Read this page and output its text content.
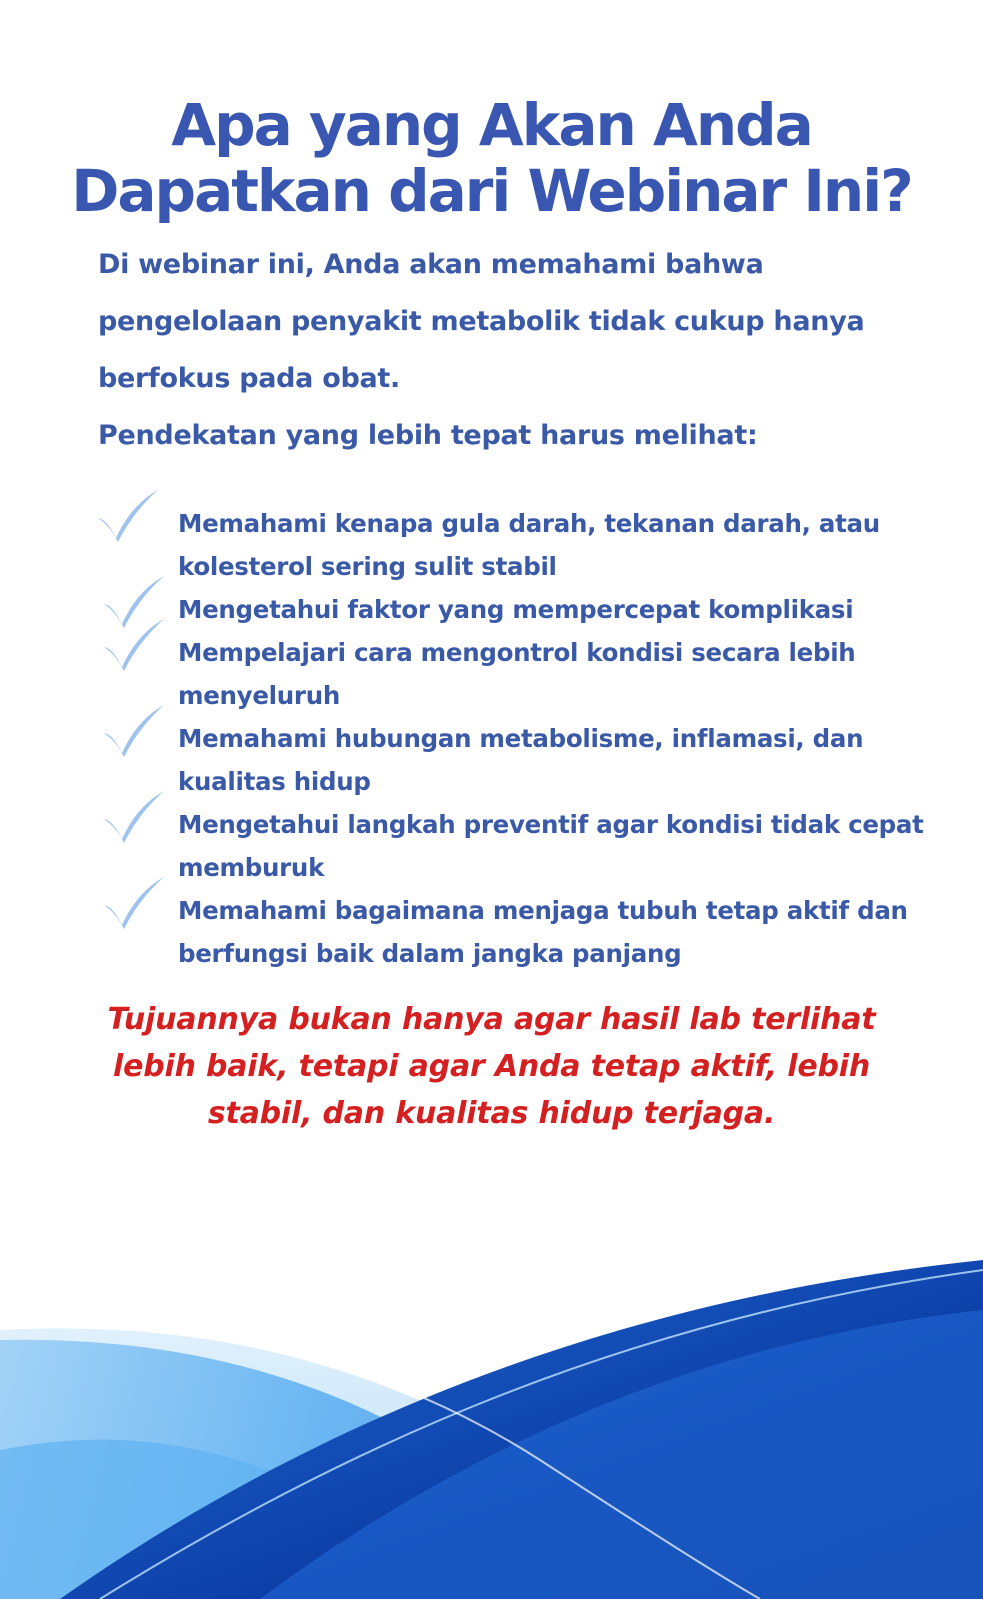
Apa yang Akan Anda
Dapatkan dari Webinar Ini?

Di webinar ini, Anda akan memahami bahwa pengelolaan penyakit metabolik tidak cukup hanya berfokus pada obat.

Pendekatan yang lebih tepat harus melihat:

Memahami kenapa gula darah, tekanan darah, atau kolesterol sering sulit stabil
Mengetahui faktor yang mempercepat komplikasi
Mempelajari cara mengontrol kondisi secara lebih menyeluruh
Memahami hubungan metabolisme, inflamasi, dan kualitas hidup
Mengetahui langkah preventif agar kondisi tidak cepat memburuk
Memahami bagaimana menjaga tubuh tetap aktif dan berfungsi baik dalam jangka panjang

Tujuannya bukan hanya agar hasil lab terlihat
lebih baik, tetapi agar Anda tetap aktif, lebih
stabil, dan kualitas hidup terjaga.
